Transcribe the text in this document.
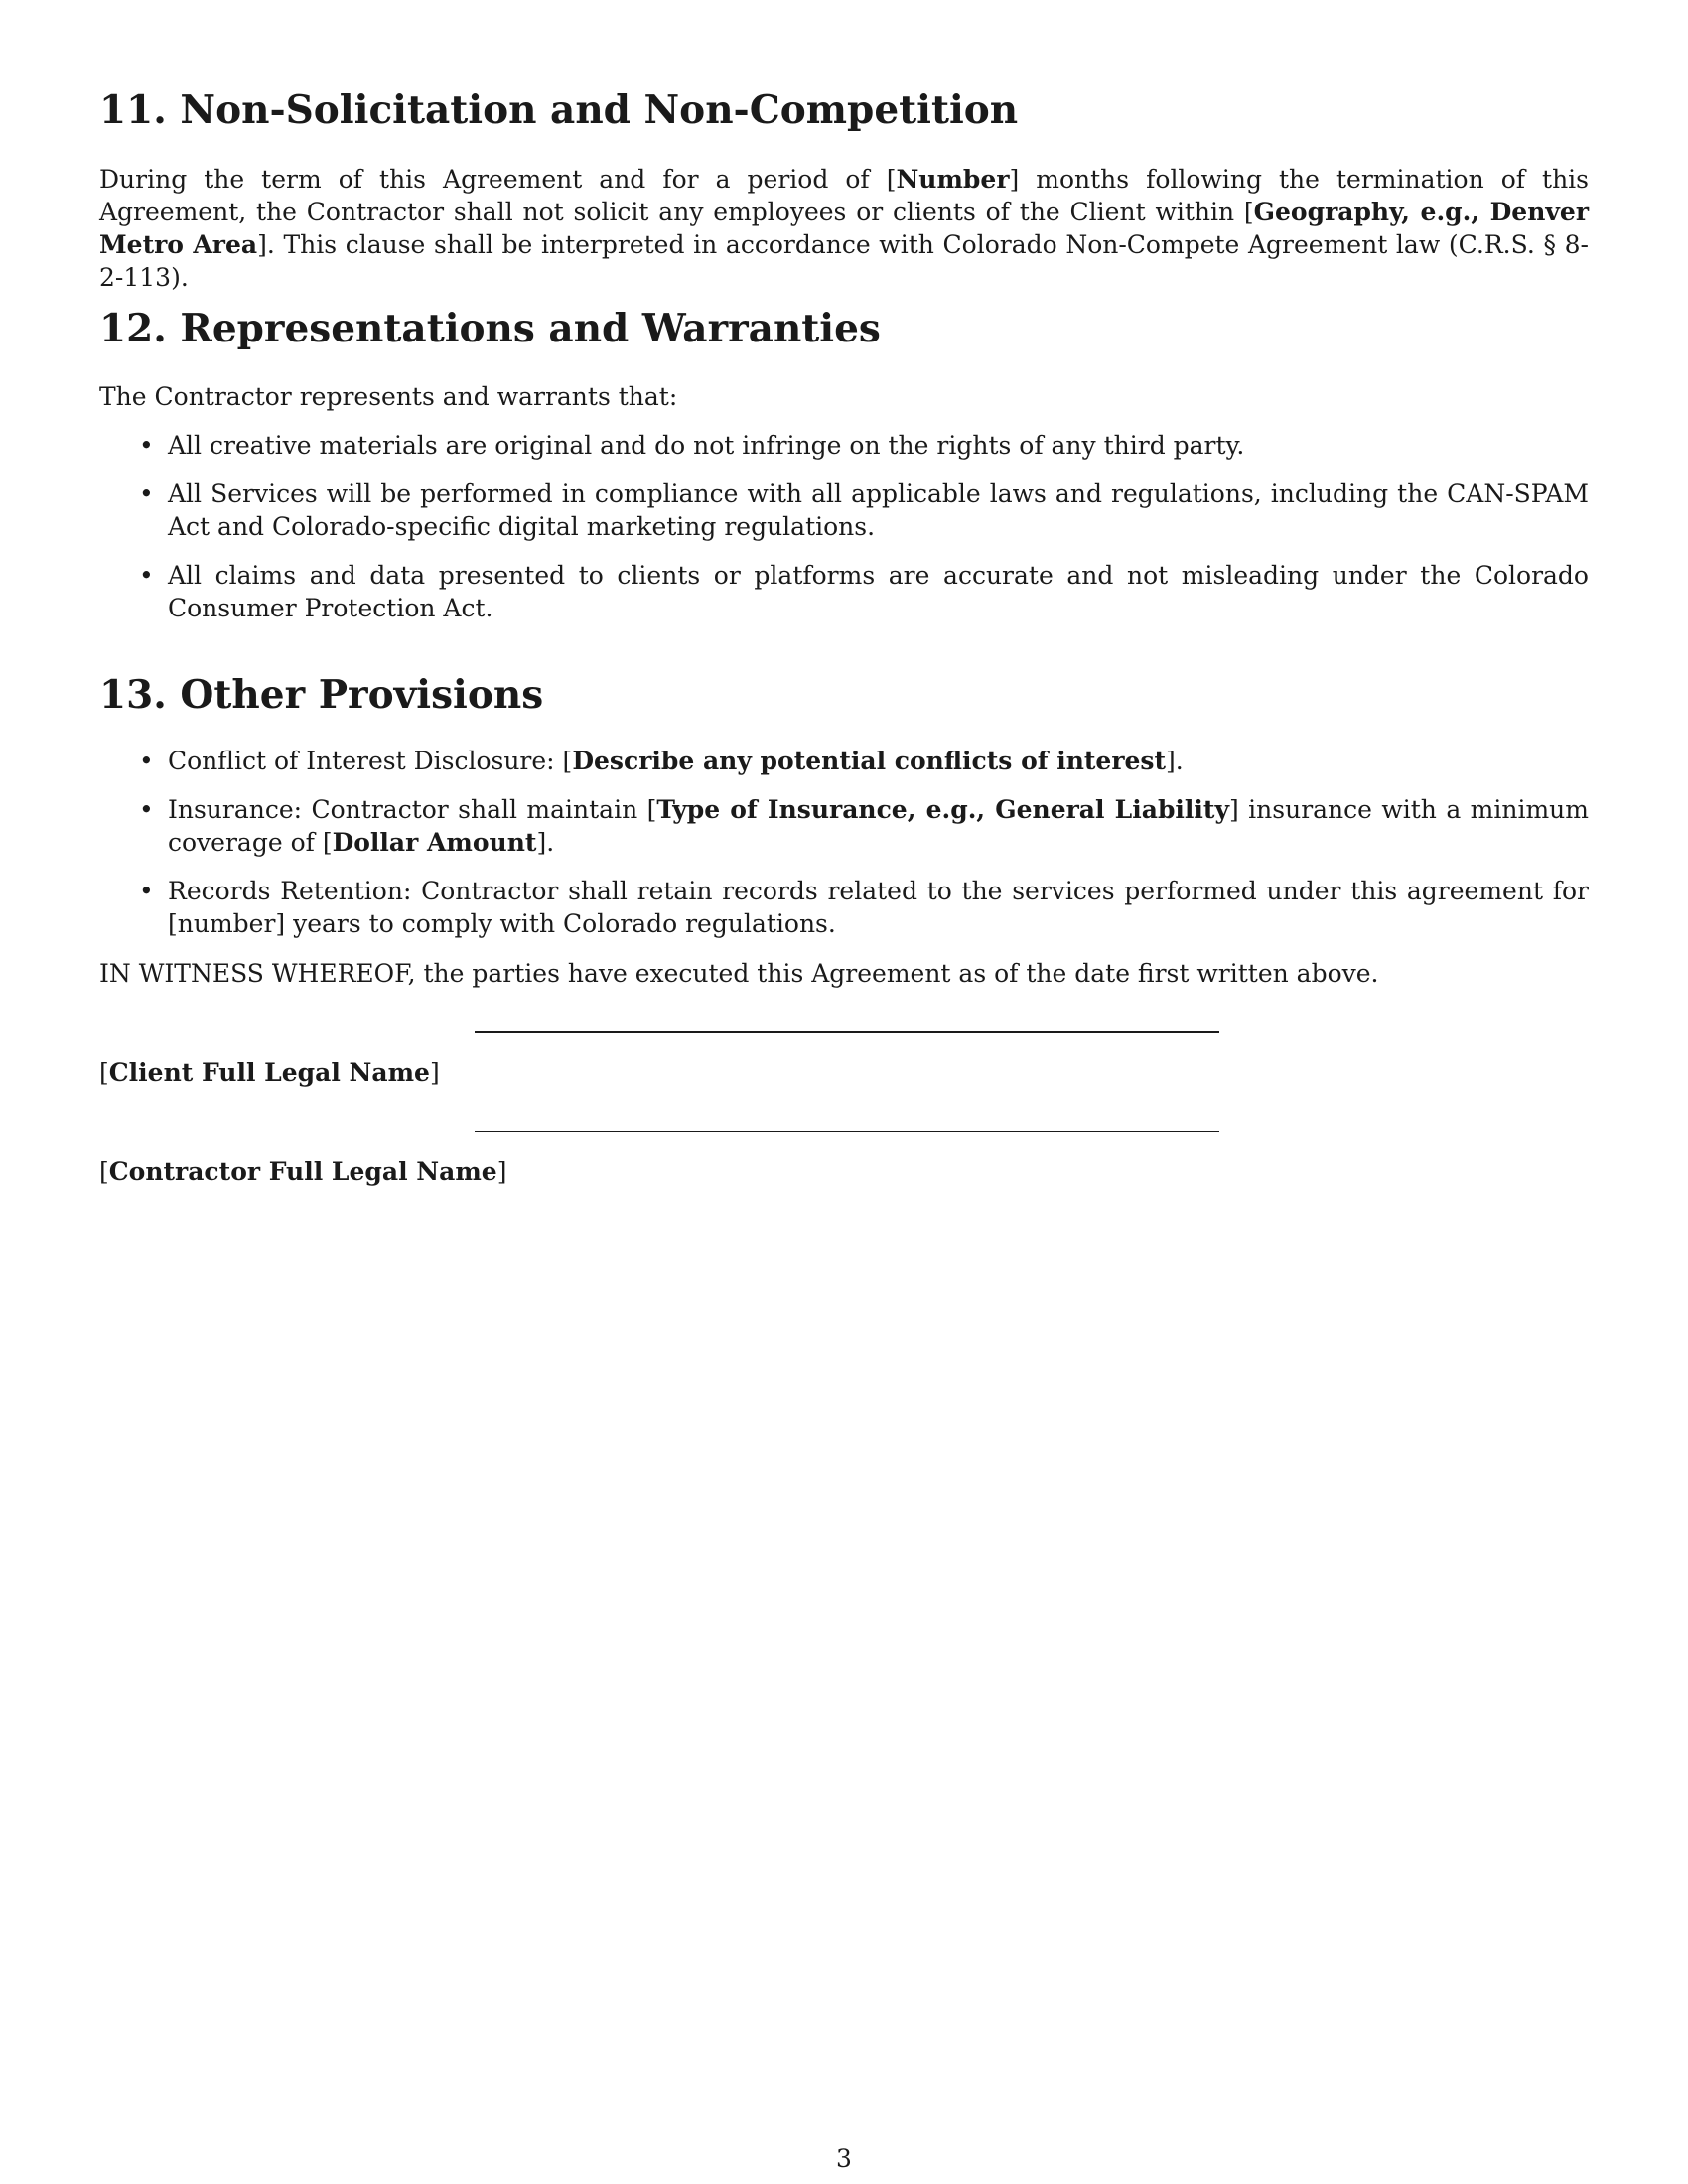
11. Non-Solicitation and Non-Competition

During the term of this Agreement and for a period of [Number] months following the termination of this Agreement, the Contractor shall not solicit any employees or clients of the Client within [Geography, e.g., Denver Metro Area]. This clause shall be interpreted in accordance with Colorado Non-Compete Agreement law (C.R.S. § 8-2-113).

12. Representations and Warranties

The Contractor represents and warrants that:

• All creative materials are original and do not infringe on the rights of any third party.
• All Services will be performed in compliance with all applicable laws and regulations, including the CAN-SPAM Act and Colorado-specific digital marketing regulations.
• All claims and data presented to clients or platforms are accurate and not misleading under the Colorado Consumer Protection Act.
13. Other Provisions
• Conflict of Interest Disclosure: [Describe any potential conflicts of interest].
• Insurance: Contractor shall maintain [Type of Insurance, e.g., General Liability] insurance with a minimum coverage of [Dollar Amount].
• Records Retention: Contractor shall retain records related to the services performed under this agreement for [number] years to comply with Colorado regulations.

IN WITNESS WHEREOF, the parties have executed this Agreement as of the date first written above.

[Client Full Legal Name]
[Contractor Full Legal Name]
3
